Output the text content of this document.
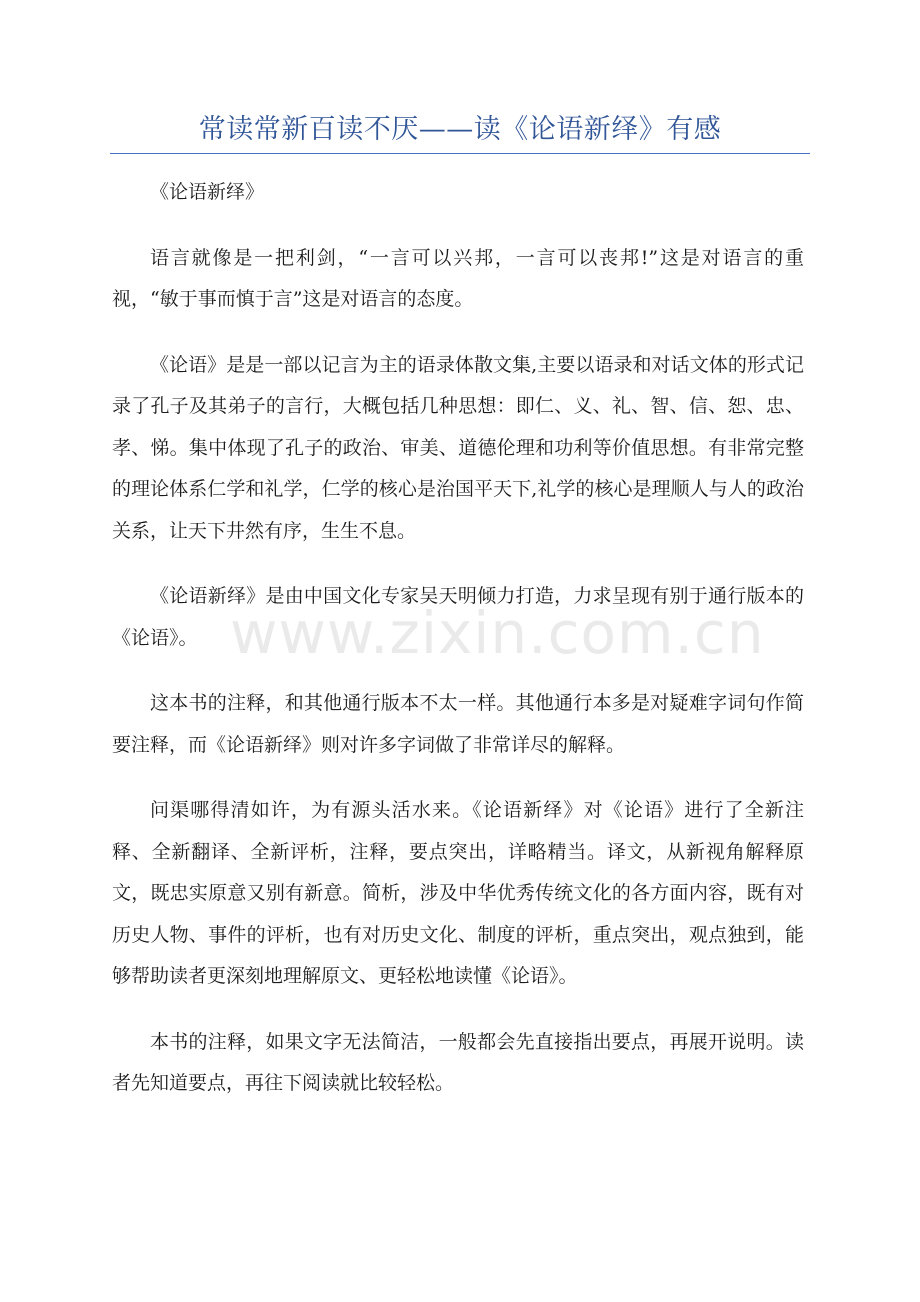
常读常新百读不厌——读《论语新绎》有感

《论语新绎》

语言就像是一把利剑，“一言可以兴邦，一言可以丧邦!”这是对语言的重视，“敏于事而慎于言”这是对语言的态度。

《论语》是是一部以记言为主的语录体散文集,主要以语录和对话文体的形式记录了孔子及其弟子的言行，大概包括几种思想：即仁、义、礼、智、信、恕、忠、孝、悌。集中体现了孔子的政治、审美、道德伦理和功利等价值思想。有非常完整的理论体系仁学和礼学，仁学的核心是治国平天下,礼学的核心是理顺人与人的政治关系，让天下井然有序，生生不息。

《论语新绎》是由中国文化专家吴天明倾力打造，力求呈现有别于通行版本的《论语》。

这本书的注释，和其他通行版本不太一样。其他通行本多是对疑难字词句作简要注释，而《论语新绎》则对许多字词做了非常详尽的解释。

问渠哪得清如许，为有源头活水来。《论语新绎》对《论语》进行了全新注释、全新翻译、全新评析，注释，要点突出，详略精当。译文，从新视角解释原文，既忠实原意又别有新意。简析，涉及中华优秀传统文化的各方面内容，既有对历史人物、事件的评析，也有对历史文化、制度的评析，重点突出，观点独到，能够帮助读者更深刻地理解原文、更轻松地读懂《论语》。

本书的注释，如果文字无法简洁，一般都会先直接指出要点，再展开说明。读者先知道要点，再往下阅读就比较轻松。

www.zixin.com.cn
